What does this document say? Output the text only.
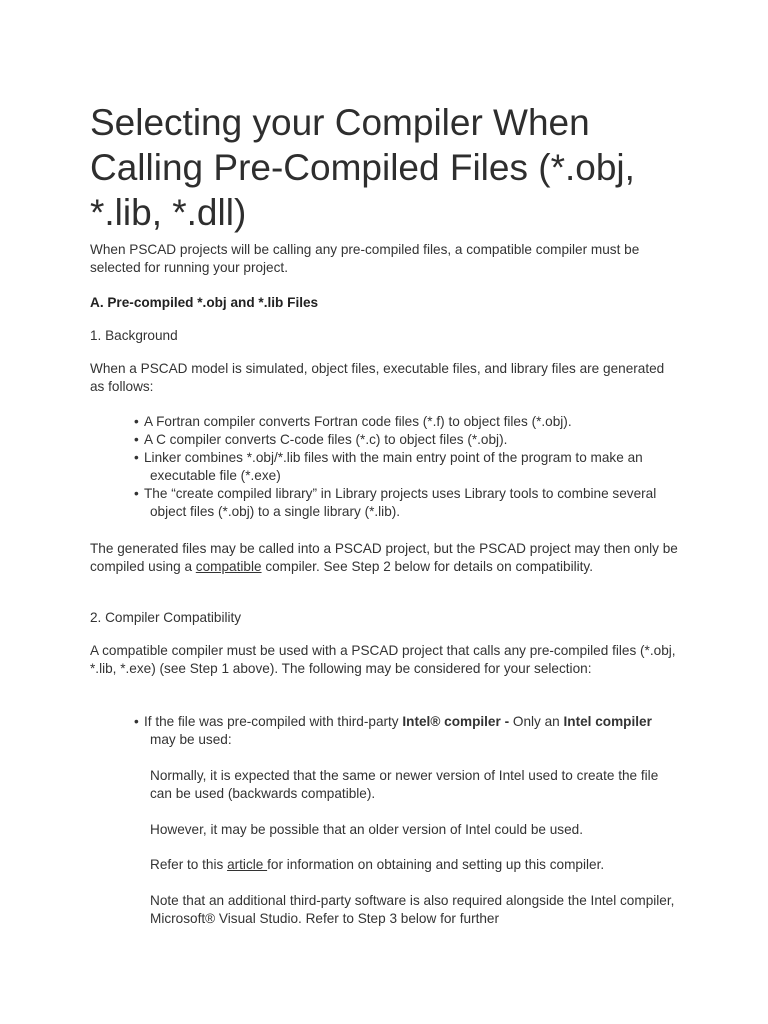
Selecting your Compiler When Calling Pre-Compiled Files (*.obj, *.lib, *.dll)

When PSCAD projects will be calling any pre-compiled files, a compatible compiler must be selected for running your project.

A. Pre-compiled *.obj and *.lib Files

1. Background

When a PSCAD model is simulated, object files, executable files, and library files are generated as follows:

• A Fortran compiler converts Fortran code files (*.f) to object files (*.obj).
• A C compiler converts C-code files (*.c) to object files (*.obj).
• Linker combines *.obj/*.lib files with the main entry point of the program to make an executable file (*.exe)
• The “create compiled library” in Library projects uses Library tools to combine several object files (*.obj) to a single library (*.lib).

The generated files may be called into a PSCAD project, but the PSCAD project may then only be compiled using a compatible compiler. See Step 2 below for details on compatibility.

2. Compiler Compatibility

A compatible compiler must be used with a PSCAD project that calls any pre-compiled files (*.obj, *.lib, *.exe) (see Step 1 above). The following may be considered for your selection:

• If the file was pre-compiled with third-party Intel® compiler - Only an Intel compiler may be used:

Normally, it is expected that the same or newer version of Intel used to create the file can be used (backwards compatible).

However, it may be possible that an older version of Intel could be used.

Refer to this article for information on obtaining and setting up this compiler.

Note that an additional third-party software is also required alongside the Intel compiler, Microsoft® Visual Studio. Refer to Step 3 below for further
